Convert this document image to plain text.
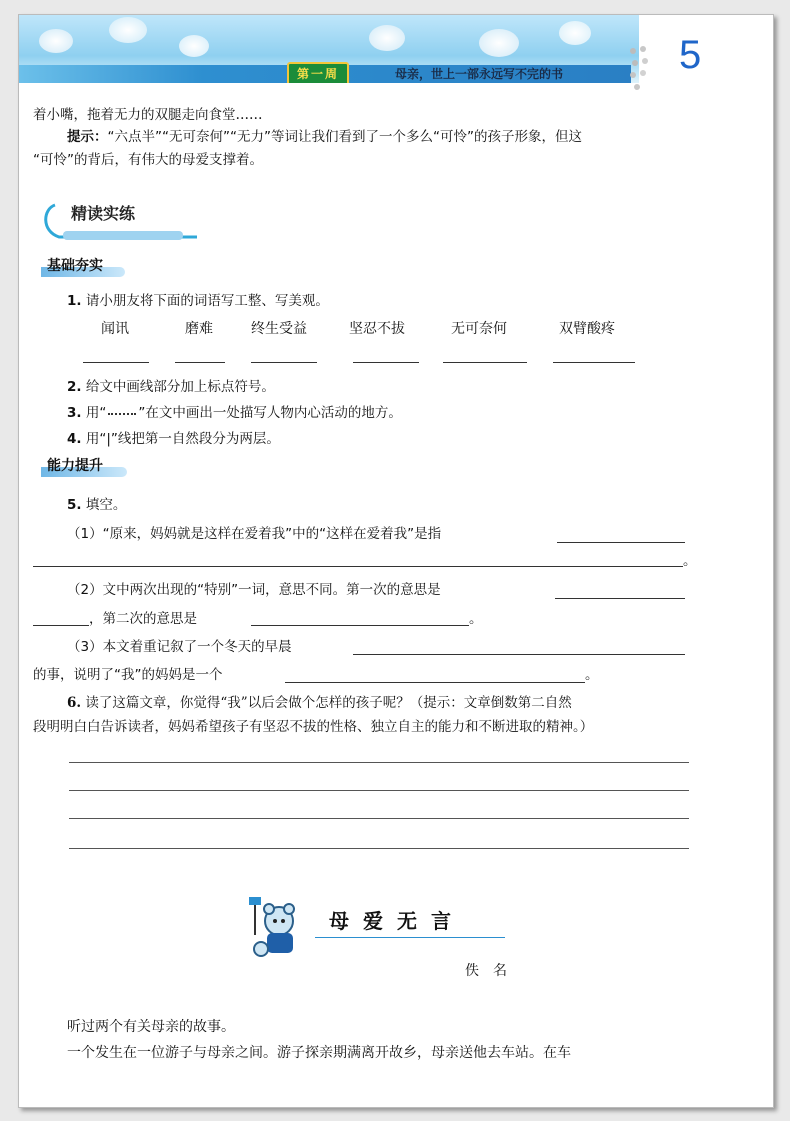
第一周	母亲，世上一部永远写不完的书	5
着小嘴，拖着无力的双腿走向食堂……
提示：“六点半”“无可奈何”“无力”等词让我们看到了一个多么“可怜”的孩子形象，但这
“可怜”的背后，有伟大的母爱支撑着。
精读实练
基础夯实
1. 请小朋友将下面的词语写工整、写美观。
闻讯	磨难	终生受益	坚忍不拔	无可奈何	双臂酸疼
2. 给文中画线部分加上标点符号。
3. 用“ ”在文中画出一处描写人物内心活动的地方。
4. 用“|”线把第一自然段分为两层。
能力提升
5. 填空。
（1）“原来，妈妈就是这样在爱着我”中的“这样在爱着我”是指
。
（2）文中两次出现的“特别”一词，意思不同。第一次的意思是
，第二次的意思是	。
（3）本文着重记叙了一个冬天的早晨
的事，说明了“我”的妈妈是一个	。
6. 读了这篇文章，你觉得“我”以后会做个怎样的孩子呢？（提示：文章倒数第二自然
段明明白白告诉读者，妈妈希望孩子有坚忍不拔的性格、独立自主的能力和不断进取的精神。）
母爱无言
佚　名
听过两个有关母亲的故事。
一个发生在一位游子与母亲之间。游子探亲期满离开故乡，母亲送他去车站。在车
